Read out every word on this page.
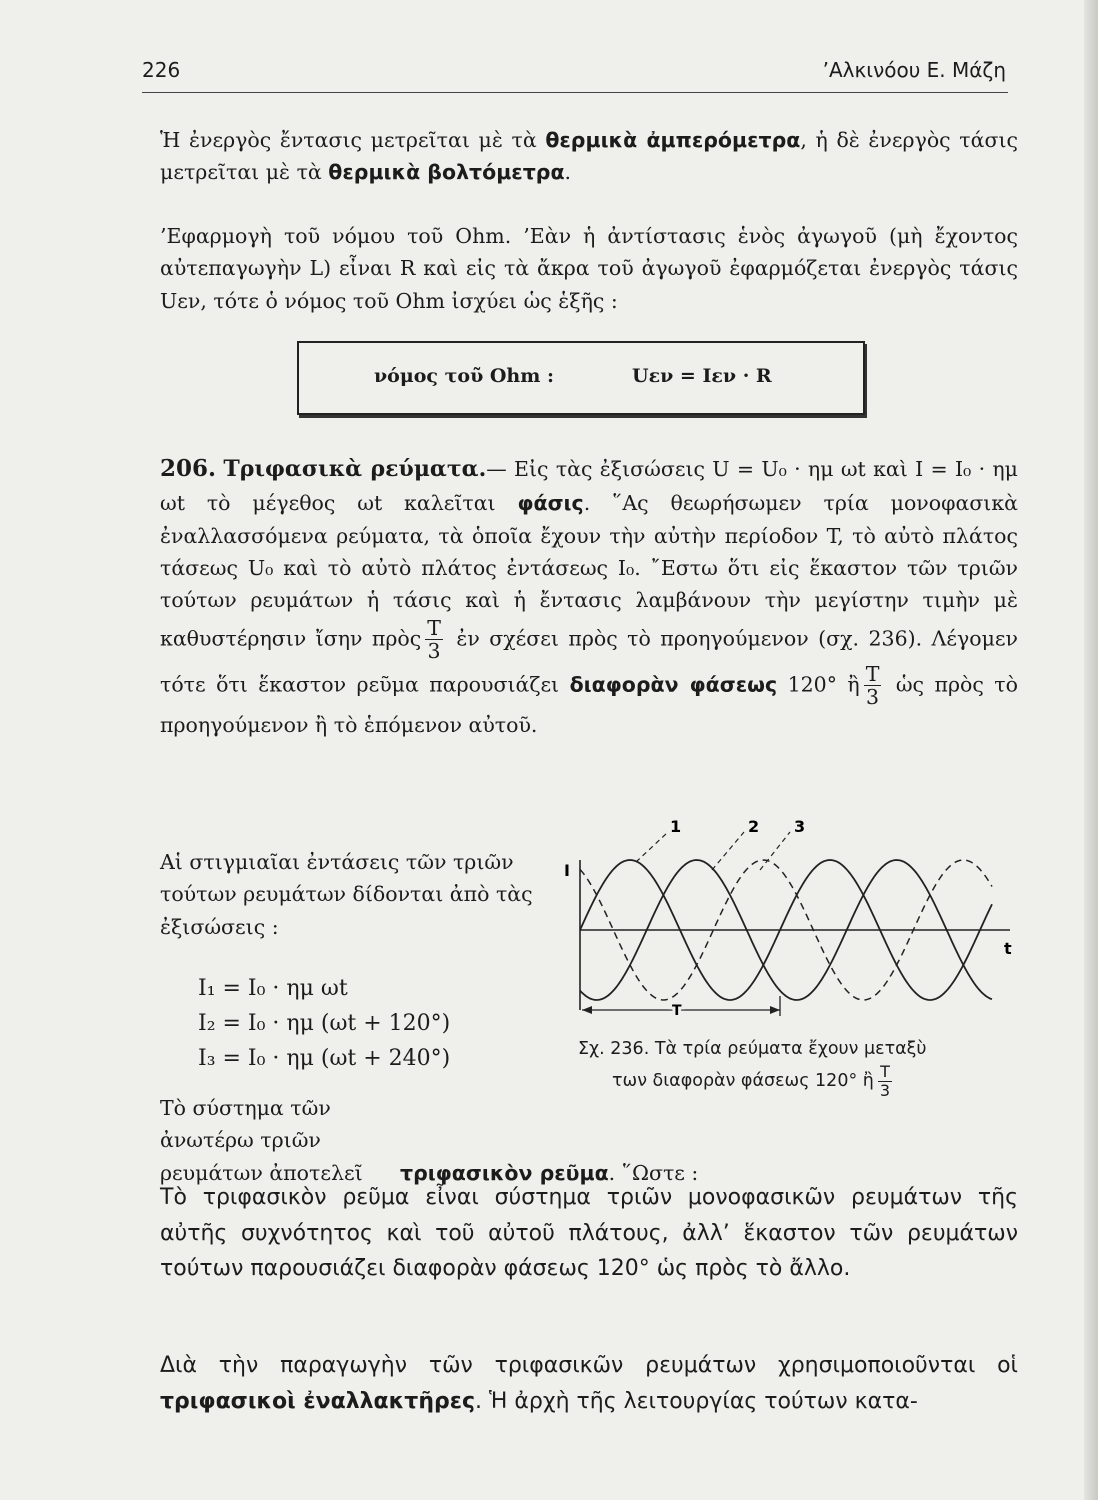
226	’Αλκινόου Ε. Μάζη

Ἡ ἐνεργὸς ἔντασις μετρεῖται μὲ τὰ θερμικὰ ἀμπερόμετρα, ἡ δὲ ἐνεργὸς τάσις μετρεῖται μὲ τὰ θερμικὰ βολτόμετρα.

’Εφαρμογὴ τοῦ νόμου τοῦ Ohm. ’Εὰν ἡ ἀντίστασις ἑνὸς ἀγωγοῦ (μὴ ἔχοντος αὐτεπαγωγὴν L) εἶναι R καὶ εἰς τὰ ἄκρα τοῦ ἀγωγοῦ ἐφαρμόζεται ἐνεργὸς τάσις Uεν, τότε ὁ νόμος τοῦ Ohm ἰσχύει ὡς ἑξῆς :

νόμος τοῦ Ohm :	Uεν = Iεν · R

206. Τριφασικὰ ρεύματα.— Εἰς τὰς ἐξισώσεις U = U₀ · ημ ωt καὶ I = I₀ · ημ ωt τὸ μέγεθος ωt καλεῖται φάσις. ῞Ας θεωρήσωμεν τρία μονοφασικὰ ἐναλλασσόμενα ρεύματα, τὰ ὁποῖα ἔχουν τὴν αὐτὴν περίοδον T, τὸ αὐτὸ πλάτος τάσεως U₀ καὶ τὸ αὐτὸ πλάτος ἐντάσεως I₀. ῎Εστω ὅτι εἰς ἕκαστον τῶν τριῶν τούτων ρευμάτων ἡ τάσις καὶ ἡ ἔντασις λαμβάνουν τὴν μεγίστην τιμὴν μὲ καθυστέρησιν ἴσην πρὸς $\frac{T}{3}$ ἐν σχέσει πρὸς τὸ προηγούμενον (σχ. 236). Λέγομεν τότε ὅτι ἕκαστον ρεῦμα παρουσιάζει διαφορὰν φάσεως 120° ἢ $\frac{T}{3}$ ὡς πρὸς τὸ προηγούμενον ἢ τὸ ἑπόμενον αὐτοῦ.

Αἱ στιγμιαῖαι ἐντάσεις τῶν τριῶν τούτων ρευμάτων δίδονται ἀπὸ τὰς ἐξισώσεις :

I₁ = I₀ · ημ ωt
I₂ = I₀ · ημ (ωt + 120°)
I₃ = I₀ · ημ (ωt + 240°)
1	2 3
I
t
T
Σχ. 236. Τὰ τρία ρεύματα ἔχουν μεταξὺ
των διαφορὰν φάσεως 120° ἢ $\frac{T}{3}$

Τὸ σύστημα τῶν ἀνωτέρω τριῶν ρευμάτων ἀποτελεῖτριφασικὸν ρεῦμα. ῞Ωστε :

Τὸ τριφασικὸν ρεῦμα εἶναι σύστημα τριῶν μονοφασικῶν ρευμάτων τῆς αὐτῆς συχνότητος καὶ τοῦ αὐτοῦ πλάτους, ἀλλ’ ἕκαστον τῶν ρευμάτων τούτων παρουσιάζει διαφορὰν φάσεως 120° ὡς πρὸς τὸ ἄλλο.

Διὰ τὴν παραγωγὴν τῶν τριφασικῶν ρευμάτων χρησιμοποιοῦνται οἱ τριφασικοὶ ἐναλλακτῆρες. Ἡ ἀρχὴ τῆς λειτουργίας τούτων κατα-
